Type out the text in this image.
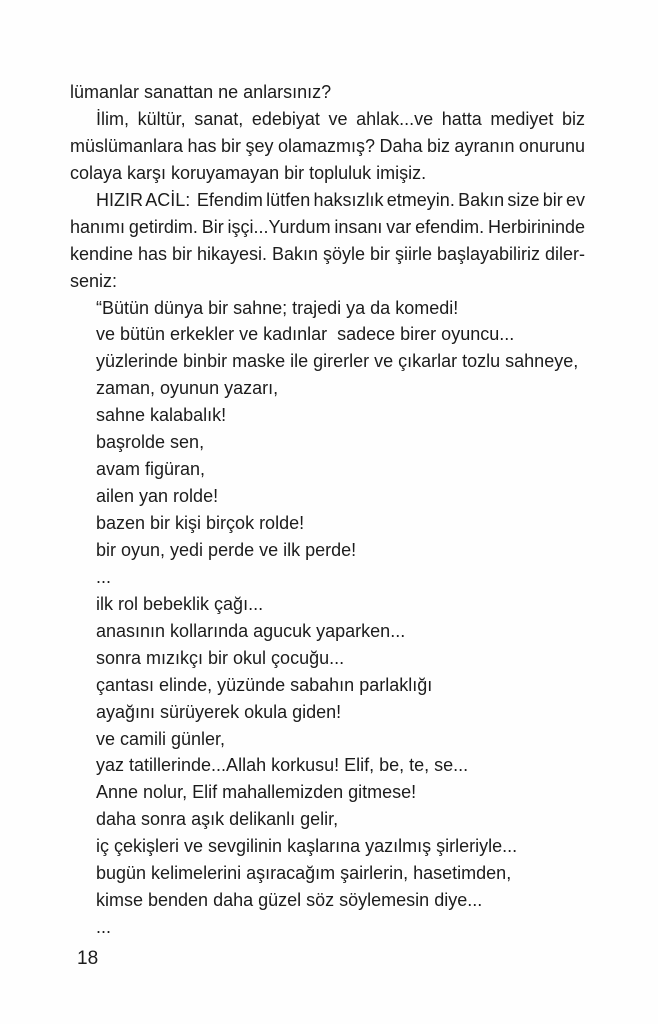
lümanlar sanattan ne anlarsınız?
İlim, kültür, sanat, edebiyat ve ahlak...ve hatta mediyet biz
müslümanlara has bir şey olamazmış? Daha biz ayranın onurunu
colaya karşı koruyamayan bir topluluk imişiz.
HIZIR ACİL:  Efendim lütfen haksızlık etmeyin. Bakın size bir ev
hanımı getirdim. Bir işçi...Yurdum insanı var efendim. Herbirininde
kendine has bir hikayesi. Bakın şöyle bir şiirle başlayabiliriz diler-
seniz:
“Bütün dünya bir sahne; trajedi ya da komedi!
ve bütün erkekler ve kadınlar  sadece birer oyuncu...
yüzlerinde binbir maske ile girerler ve çıkarlar tozlu sahneye,
zaman, oyunun yazarı,
sahne kalabalık!
başrolde sen,
avam figüran,
ailen yan rolde!
bazen bir kişi birçok rolde!
bir oyun, yedi perde ve ilk perde!
...
ilk rol bebeklik çağı...
anasının kollarında agucuk yaparken...
sonra mızıkçı bir okul çocuğu...
çantası elinde, yüzünde sabahın parlaklığı
ayağını sürüyerek okula giden!
ve camili günler,
yaz tatillerinde...Allah korkusu! Elif, be, te, se...
Anne nolur, Elif mahallemizden gitmese!
daha sonra aşık delikanlı gelir,
iç çekişleri ve sevgilinin kaşlarına yazılmış şirleriyle...
bugün kelimelerini aşıracağım şairlerin, hasetimden,
kimse benden daha güzel söz söylemesin diye...
...
18
